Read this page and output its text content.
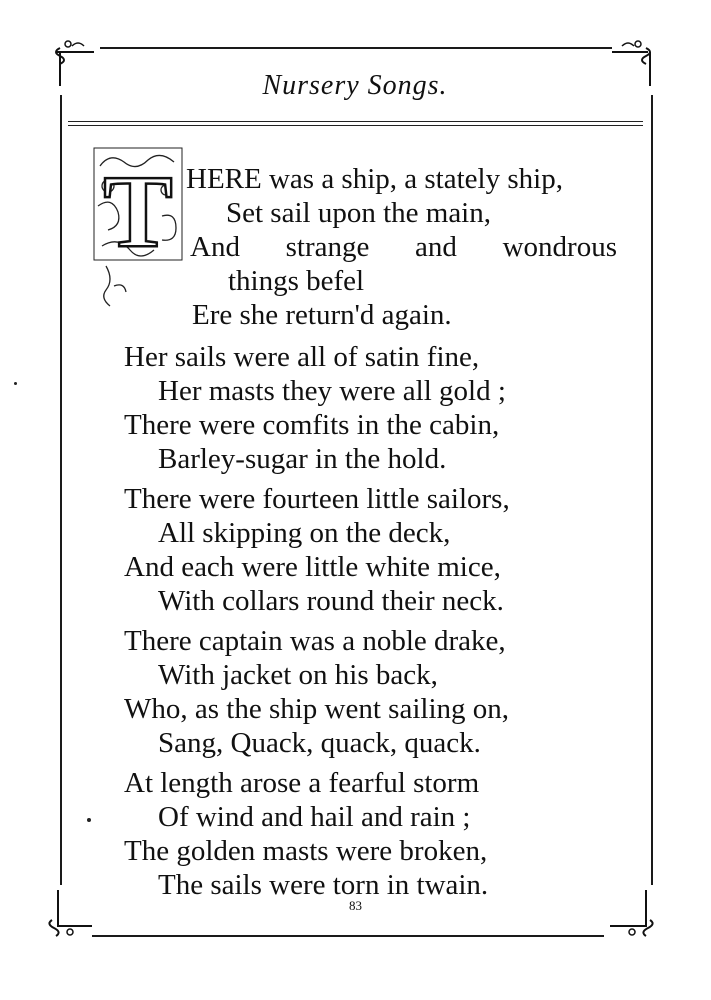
Nursery Songs.
T HERE was a ship, a stately ship,
Set sail upon the main,
And strange and wondrous
things befel
Ere she return'd again.
Her sails were all of satin fine,
Her masts they were all gold ;
There were comfits in the cabin,
Barley-sugar in the hold.
There were fourteen little sailors,
All skipping on the deck,
And each were little white mice,
With collars round their neck.
There captain was a noble drake,
With jacket on his back,
Who, as the ship went sailing on,
Sang, Quack, quack, quack.
At length arose a fearful storm
Of wind and hail and rain ;
The golden masts were broken,
The sails were torn in twain.
83
